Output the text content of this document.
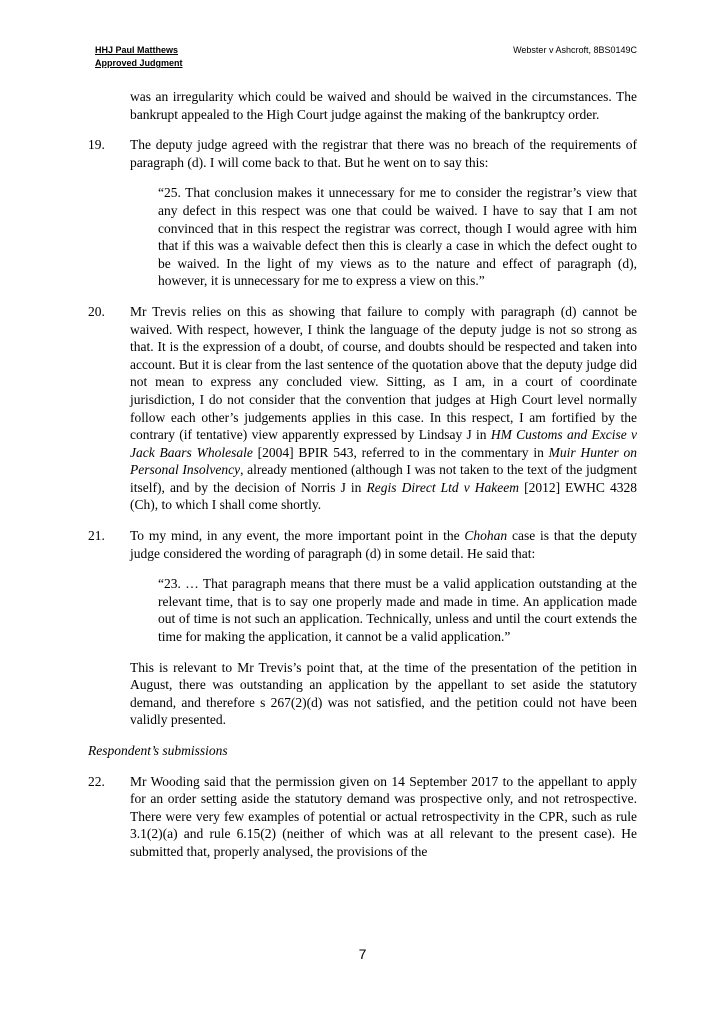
HHJ Paul Matthews
Approved Judgment
Webster v Ashcroft, 8BS0149C
was an irregularity which could be waived and should be waived in the circumstances. The bankrupt appealed to the High Court judge against the making of the bankruptcy order.
19. The deputy judge agreed with the registrar that there was no breach of the requirements of paragraph (d). I will come back to that. But he went on to say this:
“25. That conclusion makes it unnecessary for me to consider the registrar’s view that any defect in this respect was one that could be waived. I have to say that I am not convinced that in this respect the registrar was correct, though I would agree with him that if this was a waivable defect then this is clearly a case in which the defect ought to be waived. In the light of my views as to the nature and effect of paragraph (d), however, it is unnecessary for me to express a view on this.”
20. Mr Trevis relies on this as showing that failure to comply with paragraph (d) cannot be waived. With respect, however, I think the language of the deputy judge is not so strong as that. It is the expression of a doubt, of course, and doubts should be respected and taken into account. But it is clear from the last sentence of the quotation above that the deputy judge did not mean to express any concluded view. Sitting, as I am, in a court of coordinate jurisdiction, I do not consider that the convention that judges at High Court level normally follow each other’s judgements applies in this case. In this respect, I am fortified by the contrary (if tentative) view apparently expressed by Lindsay J in HM Customs and Excise v Jack Baars Wholesale [2004] BPIR 543, referred to in the commentary in Muir Hunter on Personal Insolvency, already mentioned (although I was not taken to the text of the judgment itself), and by the decision of Norris J in Regis Direct Ltd v Hakeem [2012] EWHC 4328 (Ch), to which I shall come shortly.
21. To my mind, in any event, the more important point in the Chohan case is that the deputy judge considered the wording of paragraph (d) in some detail. He said that:
“23. … That paragraph means that there must be a valid application outstanding at the relevant time, that is to say one properly made and made in time. An application made out of time is not such an application. Technically, unless and until the court extends the time for making the application, it cannot be a valid application.”
This is relevant to Mr Trevis’s point that, at the time of the presentation of the petition in August, there was outstanding an application by the appellant to set aside the statutory demand, and therefore s 267(2)(d) was not satisfied, and the petition could not have been validly presented.
Respondent’s submissions
22. Mr Wooding said that the permission given on 14 September 2017 to the appellant to apply for an order setting aside the statutory demand was prospective only, and not retrospective. There were very few examples of potential or actual retrospectivity in the CPR, such as rule 3.1(2)(a) and rule 6.15(2) (neither of which was at all relevant to the present case). He submitted that, properly analysed, the provisions of the
7
